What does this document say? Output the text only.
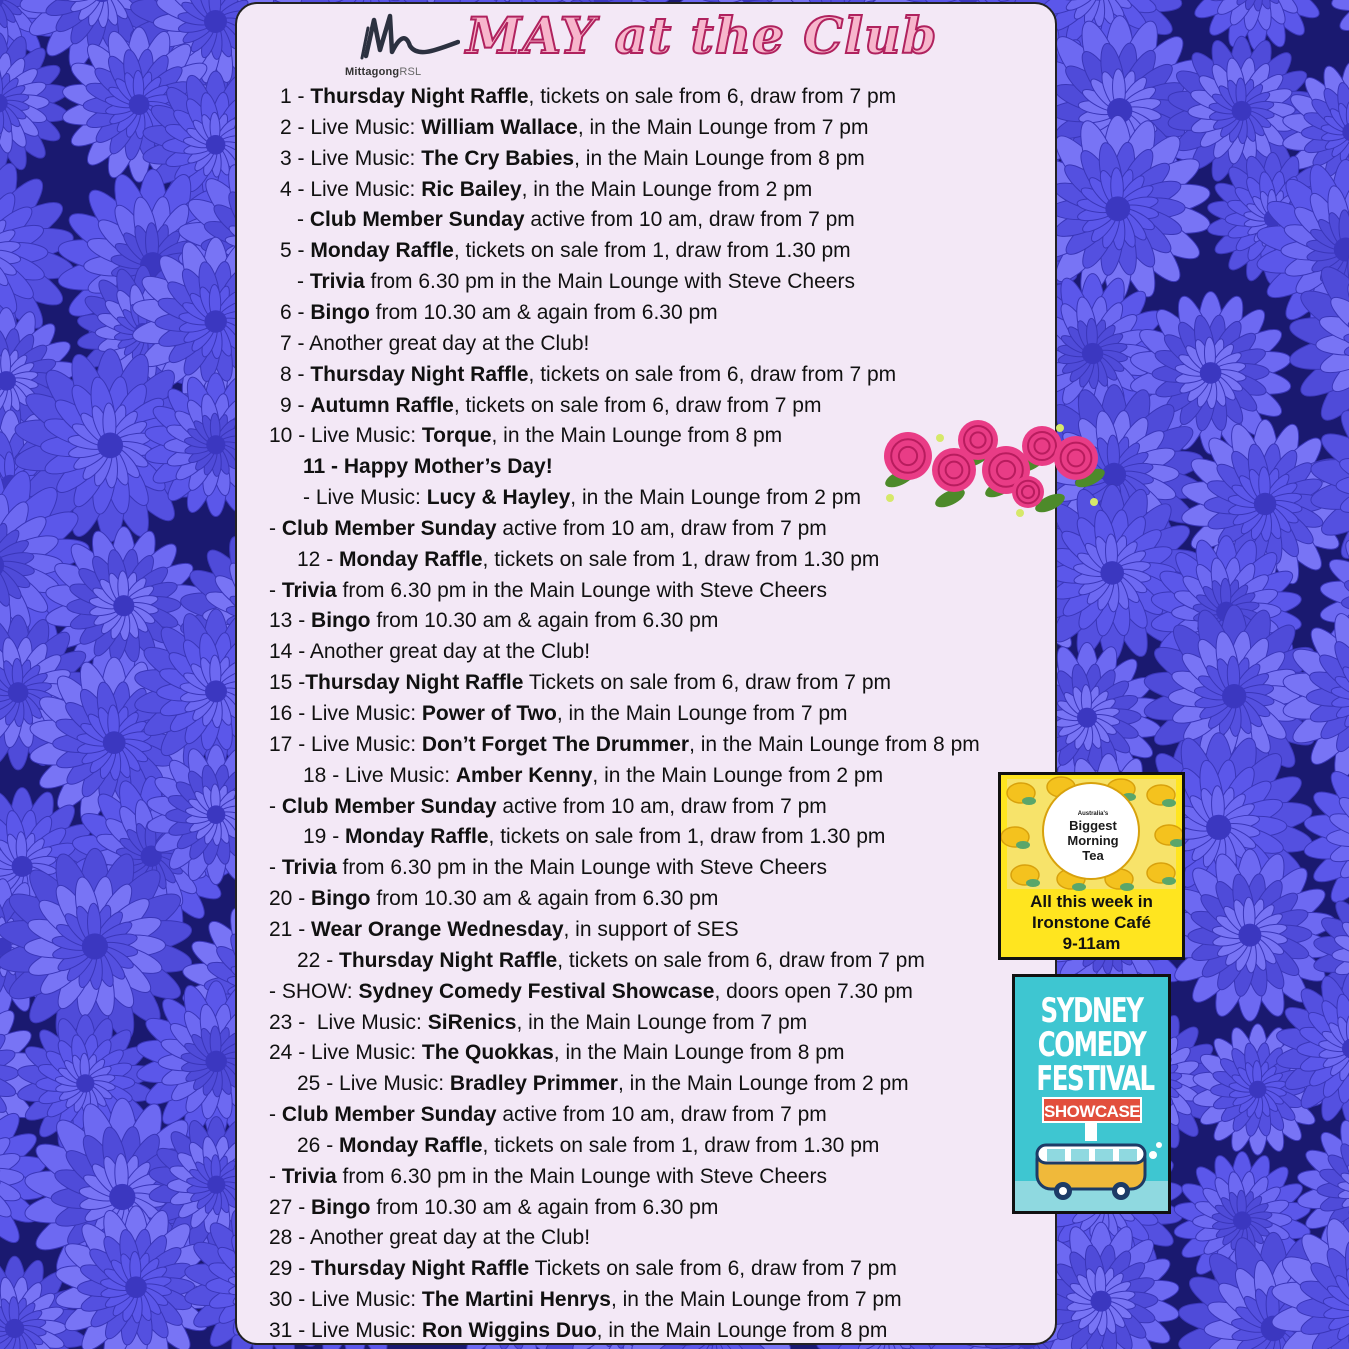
MittagongRSL
MAY at the Club
1 - Thursday Night Raffle, tickets on sale from 6, draw from 7 pm
2 - Live Music: William Wallace, in the Main Lounge from 7 pm
3 - Live Music: The Cry Babies, in the Main Lounge from 8 pm
4 - Live Music: Ric Bailey, in the Main Lounge from 2 pm
- Club Member Sunday active from 10 am, draw from 7 pm
5 - Monday Raffle, tickets on sale from 1, draw from 1.30 pm
- Trivia from 6.30 pm in the Main Lounge with Steve Cheers
6 - Bingo from 10.30 am & again from 6.30 pm
7 - Another great day at the Club!
8 - Thursday Night Raffle, tickets on sale from 6, draw from 7 pm
9 - Autumn Raffle, tickets on sale from 6, draw from 7 pm
10 - Live Music: Torque, in the Main Lounge from 8 pm
11 - Happy Mother’s Day!
- Live Music: Lucy & Hayley, in the Main Lounge from 2 pm
- Club Member Sunday active from 10 am, draw from 7 pm
12 - Monday Raffle, tickets on sale from 1, draw from 1.30 pm
- Trivia from 6.30 pm in the Main Lounge with Steve Cheers
13 - Bingo from 10.30 am & again from 6.30 pm
14 - Another great day at the Club!
15 -Thursday Night Raffle Tickets on sale from 6, draw from 7 pm
16 - Live Music: Power of Two, in the Main Lounge from 7 pm
17 - Live Music: Don’t Forget The Drummer, in the Main Lounge from 8 pm
18 - Live Music: Amber Kenny, in the Main Lounge from 2 pm
- Club Member Sunday active from 10 am, draw from 7 pm
19 - Monday Raffle, tickets on sale from 1, draw from 1.30 pm
- Trivia from 6.30 pm in the Main Lounge with Steve Cheers
20 - Bingo from 10.30 am & again from 6.30 pm
21 - Wear Orange Wednesday, in support of SES
22 - Thursday Night Raffle, tickets on sale from 6, draw from 7 pm
- SHOW: Sydney Comedy Festival Showcase, doors open 7.30 pm
23 -  Live Music: SiRenics, in the Main Lounge from 7 pm
24 - Live Music: The Quokkas, in the Main Lounge from 8 pm
25 - Live Music: Bradley Primmer, in the Main Lounge from 2 pm
- Club Member Sunday active from 10 am, draw from 7 pm
26 - Monday Raffle, tickets on sale from 1, draw from 1.30 pm
- Trivia from 6.30 pm in the Main Lounge with Steve Cheers
27 - Bingo from 10.30 am & again from 6.30 pm
28 - Another great day at the Club!
29 - Thursday Night Raffle Tickets on sale from 6, draw from 7 pm
30 - Live Music: The Martini Henrys, in the Main Lounge from 7 pm
31 - Live Music: Ron Wiggins Duo, in the Main Lounge from 8 pm
Australia's
Biggest
Morning
Tea
All this week in
Ironstone Café
9-11am
SYDNEY
COMEDY
FESTIVAL
SHOWCASE
